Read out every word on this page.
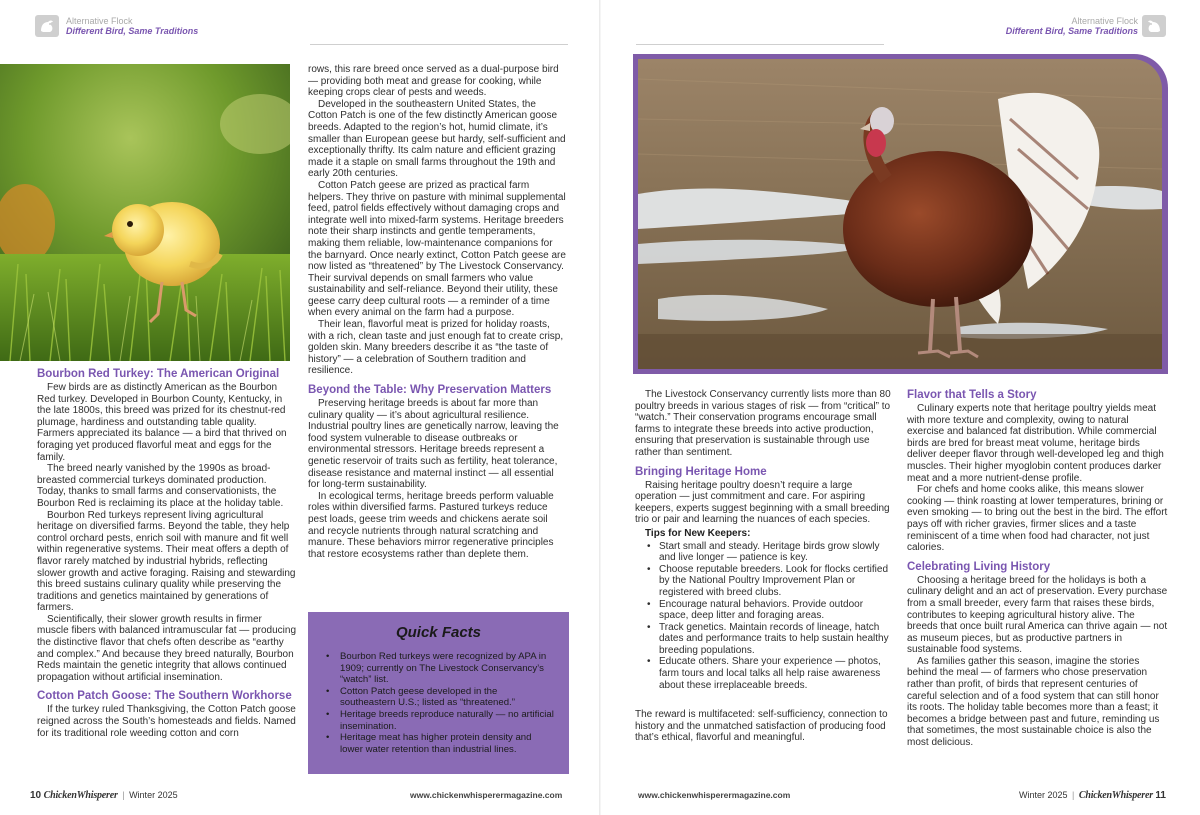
Alternative Flock
Different Bird, Same Traditions
Alternative Flock
Different Bird, Same Traditions
Bourbon Red Turkey: The American Original

Few birds are as distinctly American as the Bourbon Red turkey. Developed in Bourbon County, Kentucky, in the late 1800s, this breed was prized for its chestnut-red plumage, hardiness and outstanding table quality. Farmers appreciated its balance — a bird that thrived on foraging yet produced flavorful meat and eggs for the family.

The breed nearly vanished by the 1990s as broad-breasted commercial turkeys dominated production. Today, thanks to small farms and conservationists, the Bourbon Red is reclaiming its place at the holiday table.

Bourbon Red turkeys represent living agricultural heritage on diversified farms. Beyond the table, they help control orchard pests, enrich soil with manure and fit well within regenerative systems. Their meat offers a depth of flavor rarely matched by industrial hybrids, reflecting slower growth and active foraging. Raising and stewarding this breed sustains culinary quality while preserving the traditions and genetics maintained by generations of farmers.

Scientifically, their slower growth results in firmer muscle fibers with balanced intramuscular fat — producing the distinctive flavor that chefs often describe as “earthy and complex.” And because they breed naturally, Bourbon Reds maintain the genetic integrity that allows continued propagation without artificial insemination.

Cotton Patch Goose: The Southern Workhorse

If the turkey ruled Thanksgiving, the Cotton Patch goose reigned across the South’s homesteads and fields. Named for its traditional role weeding cotton and corn

rows, this rare breed once served as a dual-purpose bird — providing both meat and grease for cooking, while keeping crops clear of pests and weeds.

Developed in the southeastern United States, the Cotton Patch is one of the few distinctly American goose breeds. Adapted to the region’s hot, humid climate, it’s smaller than European geese but hardy, self-sufficient and exceptionally thrifty. Its calm nature and efficient grazing made it a staple on small farms throughout the 19th and early 20th centuries.

Cotton Patch geese are prized as practical farm helpers. They thrive on pasture with minimal supplemental feed, patrol fields effectively without damaging crops and integrate well into mixed-farm systems. Heritage breeders note their sharp instincts and gentle temperaments, making them reliable, low-maintenance companions for the barnyard. Once nearly extinct, Cotton Patch geese are now listed as “threatened” by The Livestock Conservancy. Their survival depends on small farmers who value sustainability and self-reliance. Beyond their utility, these geese carry deep cultural roots — a reminder of a time when every animal on the farm had a purpose.

Their lean, flavorful meat is prized for holiday roasts, with a rich, clean taste and just enough fat to create crisp, golden skin. Many breeders describe it as “the taste of history” — a celebration of Southern tradition and resilience.

Beyond the Table: Why Preservation Matters

Preserving heritage breeds is about far more than culinary quality — it’s about agricultural resilience. Industrial poultry lines are genetically narrow, leaving the food system vulnerable to disease outbreaks or environmental stressors. Heritage breeds represent a genetic reservoir of traits such as fertility, heat tolerance, disease resistance and maternal instinct — all essential for long-term sustainability.

In ecological terms, heritage breeds perform valuable roles within diversified farms. Pastured turkeys reduce pest loads, geese trim weeds and chickens aerate soil and recycle nutrients through natural scratching and manure. These behaviors mirror regenerative principles that restore ecosystems rather than deplete them.

Quick Facts
• Bourbon Red turkeys were recognized by APA in 1909; currently on The Livestock Conservancy’s “watch” list.
• Cotton Patch geese developed in the southeastern U.S.; listed as “threatened.”
• Heritage breeds reproduce naturally — no artificial insemination.
• Heritage meat has higher protein density and lower water retention than industrial lines.

The Livestock Conservancy currently lists more than 80 poultry breeds in various stages of risk — from “critical” to “watch.” Their conservation programs encourage small farms to integrate these breeds into active production, ensuring that preservation is sustainable through use rather than sentiment.

Bringing Heritage Home

Raising heritage poultry doesn’t require a large operation — just commitment and care. For aspiring keepers, experts suggest beginning with a small breeding trio or pair and learning the nuances of each species.

Tips for New Keepers:
• Start small and steady. Heritage birds grow slowly and live longer — patience is key.
• Choose reputable breeders. Look for flocks certified by the National Poultry Improvement Plan or registered with breed clubs.
• Encourage natural behaviors. Provide outdoor space, deep litter and foraging areas.
• Track genetics. Maintain records of lineage, hatch dates and performance traits to help sustain healthy breeding populations.
• Educate others. Share your experience — photos, farm tours and local talks all help raise awareness about these irreplaceable breeds.

The reward is multifaceted: self-sufficiency, connection to history and the unmatched satisfaction of producing food that’s ethical, flavorful and meaningful.

Flavor that Tells a Story

Culinary experts note that heritage poultry yields meat with more texture and complexity, owing to natural exercise and balanced fat distribution. While commercial birds are bred for breast meat volume, heritage birds deliver deeper flavor through well-developed leg and thigh muscles. Their higher myoglobin content produces darker meat and a more nutrient-dense profile.

For chefs and home cooks alike, this means slower cooking — think roasting at lower temperatures, brining or even smoking — to bring out the best in the bird. The effort pays off with richer gravies, firmer slices and a taste reminiscent of a time when food had character, not just calories.

Celebrating Living History

Choosing a heritage breed for the holidays is both a culinary delight and an act of preservation. Every purchase from a small breeder, every farm that raises these birds, contributes to keeping agricultural history alive. The breeds that once built rural America can thrive again — not as museum pieces, but as productive partners in sustainable food systems.

As families gather this season, imagine the stories behind the meal — of farmers who chose preservation rather than profit, of birds that represent centuries of careful selection and of a food system that can still honor its roots. The holiday table becomes more than a feast; it becomes a bridge between past and future, reminding us that sometimes, the most sustainable choice is also the most delicious.

10 ChickenWhisperer | Winter 2025	www.chickenwhisperermagazine.com	www.chickenwhisperermagazine.com	Winter 2025 | ChickenWhisperer 11
